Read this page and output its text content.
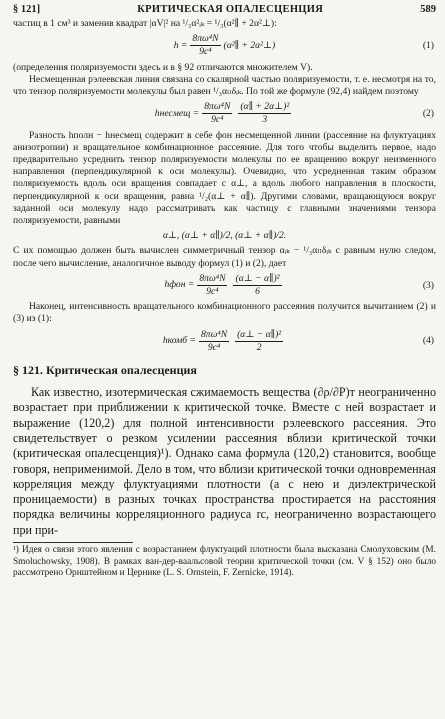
§ 121]	КРИТИЧЕСКАЯ ОПАЛЕСЦЕНЦИЯ	589

частиц в 1 см³ и заменив квадрат |αV|² на ¹/₃α²ᵢₖ = ¹/₃(α²∥ + 2α²⊥):

$h = \frac{\text{8πω⁴N}}{\text{9c⁴}}$ (α²∥ + 2α²⊥)	(1)

(определения поляризуемости здесь и в § 92 отличаются множителем V).

Несмещенная рэлеевская линия связана со скалярной частью поляризуемости, т. е. несмотря на то, что тензор поляризуемости молекулы был равен ¹/₃αₗₗδᵢₖ. По той же формуле (92,4) найдем поэтому

hнесмещ = $\frac{\text{8πω⁴N}}{\text{9c⁴}} \frac{\text{(α∥ + 2α⊥)²}}{3}$	(2)

Разность hполн − hнесмещ содержит в себе фон несмещенной линии (рассеяние на флуктуациях анизотропии) и вращательное комбинационное рассеяние. Для того чтобы выделить первое, надо предварительно усреднить тензор поляризуемости молекулы по ее вращению вокруг неизменного направления (перпендикулярной к оси молекулы). Очевидно, что усредненная таким образом поляризуемость вдоль оси вращения совпадает с α⊥, а вдоль любого направления в плоскости, перпендикулярной к оси вращения, равна ¹/₂(α⊥ + α∥). Другими словами, вращающуюся вокруг заданной оси молекулу надо рассматривать как частицу с главными значениями тензора поляризуемости, равными

α⊥, (α⊥ + α∥)/2, (α⊥ + α∥)/2.

С их помощью должен быть вычислен симметричный тензор αᵢₖ − ¹/₃αₗₗδᵢₖ с равным нулю следом, после чего вычисление, аналогичное выводу формул (1) и (2), дает

hфон = $\frac{\text{8πω⁴N}}{\text{9c⁴}} \frac{\text{(α⊥ − α∥)²}}{6}$	(3)

Наконец, интенсивность вращательного комбинационного рассеяния получится вычитанием (2) и (3) из (1):

hкомб = $\frac{\text{8πω⁴N}}{\text{9c⁴}} \frac{\text{(α⊥ − α∥)²}}{2}$	(4)
§ 121. Критическая опалесценция

Как известно, изотермическая сжимаемость вещества (∂ρ/∂P)ᴛ неограниченно возрастает при приближении к критической точке. Вместе с ней возрастает и выражение (120,2) для полной интенсивности рэлеевского рассеяния. Это свидетельствует о резком усилении рассеяния вблизи критической точки (критическая опалесценция)¹). Однако сама формула (120,2) становится, вообще говоря, неприменимой. Дело в том, что вблизи критической точки одновременная корреляция между флуктуациями плотности (а с нею и диэлектрической проницаемости) в разных точках пространства простирается на расстояния порядка величины корреляционного радиуса rc, неограниченно возрастающего при при-

¹) Идея о связи этого явления с возрастанием флуктуаций плотности была высказана Смолуховским (M. Smoluchowsky, 1908). В рамках ван-дер-ваальсовой теории критической точки (см. V § 152) оно было рассмотрено Орнштейном и Цернике (L. S. Ornstein, F. Zernicke, 1914).
